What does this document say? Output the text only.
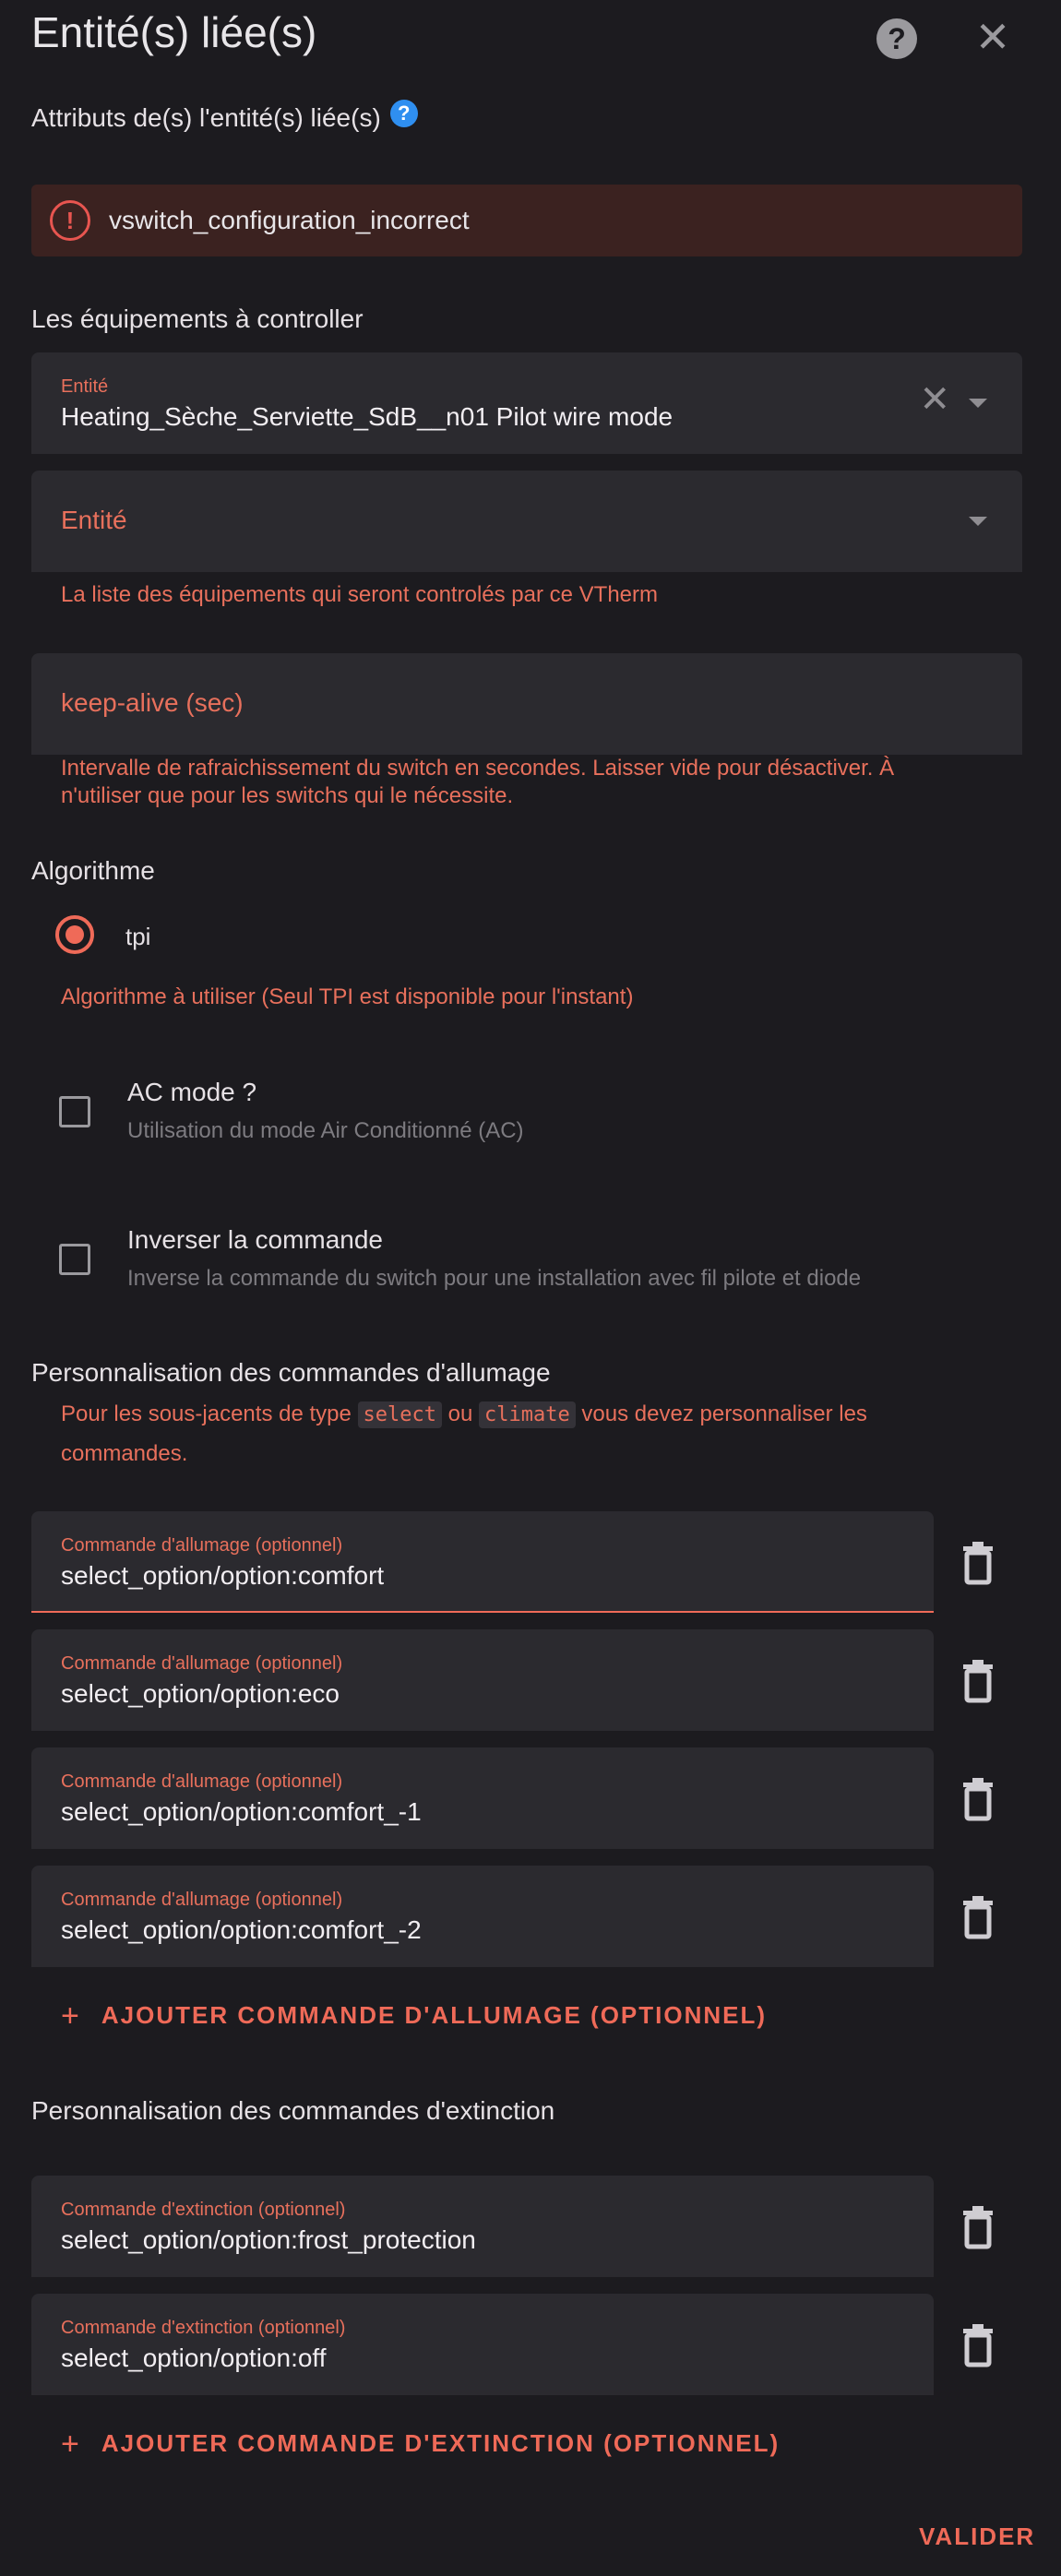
Entité(s) liée(s)	? ✕
Attributs de(s) l'entité(s) liée(s) ?
!	vswitch_configuration_incorrect
Les équipements à controller
Entité
Heating_Sèche_Serviette_SdB__n01 Pilot wire mode	✕
Entité
La liste des équipements qui seront controlés par ce VTherm
keep-alive (sec)
Intervalle de rafraichissement du switch en secondes. Laisser vide pour désactiver. À
n'utiliser que pour les switchs qui le nécessite.
Algorithme
tpi
Algorithme à utiliser (Seul TPI est disponible pour l'instant)
AC mode ?
Utilisation du mode Air Conditionné (AC)
Inverser la commande
Inverse la commande du switch pour une installation avec fil pilote et diode
Personnalisation des commandes d'allumage
Pour les sous-jacents de type select ou climate vous devez personnaliser les
commandes.
Commande d'allumage (optionnel)
select_option/option:comfort
Commande d'allumage (optionnel)
select_option/option:eco
Commande d'allumage (optionnel)
select_option/option:comfort_-1
Commande d'allumage (optionnel)
select_option/option:comfort_-2
+ AJOUTER COMMANDE D'ALLUMAGE (OPTIONNEL)
Personnalisation des commandes d'extinction
Commande d'extinction (optionnel)
select_option/option:frost_protection
Commande d'extinction (optionnel)
select_option/option:off
+ AJOUTER COMMANDE D'EXTINCTION (OPTIONNEL)
VALIDER
